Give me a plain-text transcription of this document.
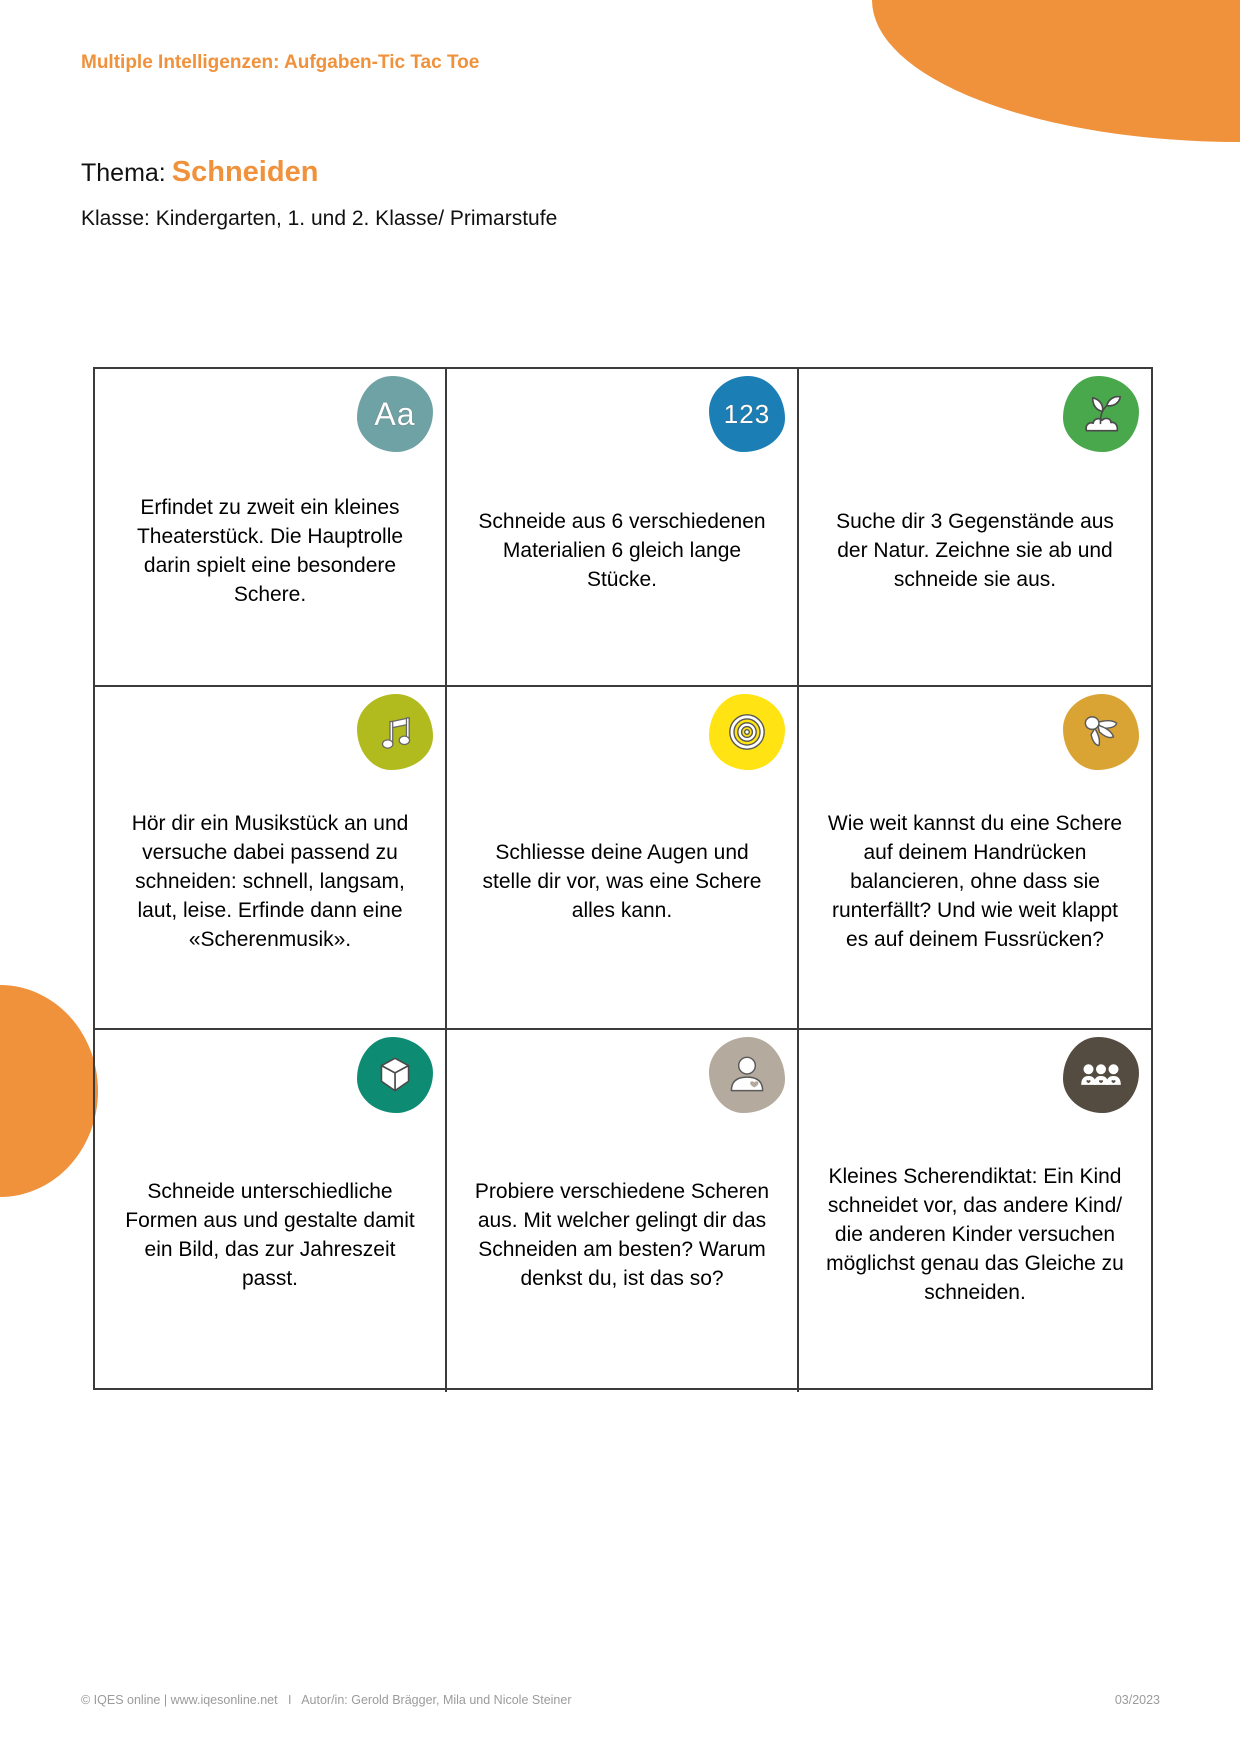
Multiple Intelligenzen: Aufgaben-Tic Tac Toe
Thema: Schneiden
Klasse: Kindergarten, 1. und 2. Klasse/ Primarstufe
Aa
Erfindet zu zweit ein kleines Theaterstück. Die Hauptrolle darin spielt eine besondere Schere.
123
Schneide aus 6 verschiedenen Materialien 6 gleich lange Stücke.
Suche dir 3 Gegenstände aus der Natur. Zeichne sie ab und schneide sie aus.
Hör dir ein Musikstück an und versuche dabei passend zu schneiden: schnell, langsam, laut, leise. Erfinde dann eine «Scherenmusik».
Schliesse deine Augen und stelle dir vor, was eine Schere alles kann.
Wie weit kannst du eine Schere auf deinem Handrücken balancieren, ohne dass sie runterfällt? Und wie weit klappt es auf deinem Fussrücken?
Schneide unterschiedliche Formen aus und gestalte damit ein Bild, das zur Jahreszeit passt.
Probiere verschiedene Scheren aus. Mit welcher gelingt dir das Schneiden am besten? Warum denkst du, ist das so?
Kleines Scherendiktat: Ein Kind schneidet vor, das andere Kind/ die anderen Kinder versuchen möglichst genau das Gleiche zu schneiden.
© IQES online | www.iqesonline.net   I   Autor/in: Gerold Brägger, Mila und Nicole Steiner	03/2023
